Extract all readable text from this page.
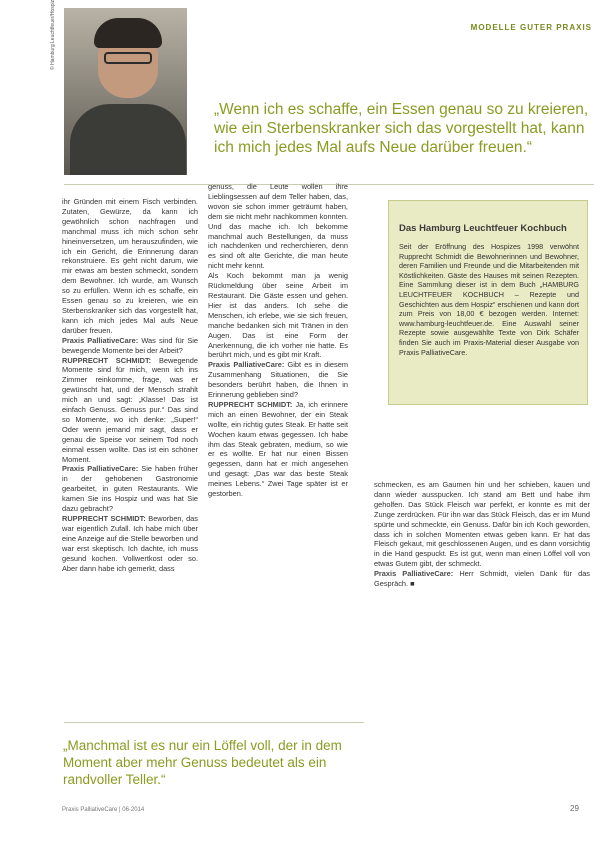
MODELLE GUTER PRAXIS
© Hamburg Leuchtfeuer/Hospiz
„Wenn ich es schaffe, ein Essen genau so zu kreieren, wie ein Sterbenskranker sich das vorgestellt hat, kann ich mich jedes Mal aufs Neue darüber freuen.“

ihr Gründen mit einem Fisch verbinden. Zutaten, Gewürze, da kann ich gewöhnlich schon nachfragen und manchmal muss ich mich schon sehr hineinversetzen, um herauszufinden, wie ich ein Gericht, die Erinnerung daran rekonstruiere. Es geht nicht darum, wie mir etwas am besten schmeckt, sondern dem Bewohner. Ich wurde, am Wunsch so zu erfüllen. Wenn ich es schaffe, ein Essen genau so zu kreieren, wie ein Sterbenskranker sich das vorgestellt hat, kann ich mich jedes Mal aufs Neue darüber freuen.

Praxis PalliativeCare: Was sind für Sie bewegende Momente bei der Arbeit?

RUPPRECHT SCHMIDT: Bewegende Momente sind für mich, wenn ich ins Zimmer reinkomme, frage, was er gewünscht hat, und der Mensch strahlt mich an und sagt: „Klasse! Das ist einfach Genuss. Genuss pur.“ Das sind so Momente, wo ich denke: „Super!“ Oder wenn jemand mir sagt, dass er genau die Speise vor seinem Tod noch einmal essen wollte. Das ist ein schöner Moment.

Praxis PalliativeCare: Sie haben früher in der gehobenen Gastronomie gearbeitet, in guten Restaurants. Wie kamen Sie ins Hospiz und was hat Sie dazu gebracht?

RUPPRECHT SCHMIDT: Beworben, das war eigentlich Zufall. Ich habe mich über eine Anzeige auf die Stelle beworben und war erst skeptisch. Ich dachte, ich muss gesund kochen. Vollwertkost oder so. Aber dann habe ich gemerkt, dass

genuss, die Leute wollen ihre Lieblingsessen auf dem Teller haben, das, wovon sie schon immer geträumt haben, dem sie nicht mehr nachkommen konnten. Und das mache ich. Ich bekomme manchmal auch Bestellungen, da muss ich nachdenken und recherchieren, denn es sind oft alte Gerichte, die man heute nicht mehr kennt.

Als Koch bekommt man ja wenig Rückmeldung über seine Arbeit im Restaurant. Die Gäste essen und gehen. Hier ist das anders. Ich sehe die Menschen, ich erlebe, wie sie sich freuen, manche bedanken sich mit Tränen in den Augen. Das ist eine Form der Anerkennung, die ich vorher nie hatte. Es berührt mich, und es gibt mir Kraft.

Praxis PalliativeCare: Gibt es in diesem Zusammenhang Situationen, die Sie besonders berührt haben, die Ihnen in Erinnerung geblieben sind?

RUPPRECHT SCHMIDT: Ja, ich erinnere mich an einen Bewohner, der ein Steak wollte, ein richtig gutes Steak. Er hatte seit Wochen kaum etwas gegessen. Ich habe ihm das Steak gebraten, medium, so wie er es wollte. Er hat nur einen Bissen gegessen, dann hat er mich angesehen und gesagt: „Das war das beste Steak meines Lebens.“ Zwei Tage später ist er gestorben.

Das Hamburg Leuchtfeuer Kochbuch
Seit der Eröffnung des Hospizes 1998 verwöhnt Rupprecht Schmidt die Bewohnerinnen und Bewohner, deren Familien und Freunde und die Mitarbeitenden mit Köstlichkeiten. Gäste des Hauses mit seinen Rezepten. Eine Sammlung dieser ist in dem Buch „HAMBURG LEUCHTFEUER KOCHBUCH – Rezepte und Geschichten aus dem Hospiz“ erschienen und kann dort zum Preis von 18,00 € bezogen werden. Internet: www.hamburg-leuchtfeuer.de. Eine Auswahl seiner Rezepte sowie ausgewählte Texte von Dirk Schäfer finden Sie auch im Praxis-Material dieser Ausgabe von Praxis PalliativeCare.

schmecken, es am Gaumen hin und her schieben, kauen und dann wieder ausspucken. Ich stand am Bett und habe ihm geholfen. Das Stück Fleisch war perfekt, er konnte es mit der Zunge zerdrücken. Für ihn war das Stück Fleisch, das er im Mund spürte und schmeckte, ein Genuss. Dafür bin ich Koch geworden, dass ich in solchen Momenten etwas geben kann. Er hat das Fleisch gekaut, mit geschlossenen Augen, und es dann vorsichtig in die Hand gespuckt. Es ist gut, wenn man einen Löffel voll von etwas Gutem gibt, der schmeckt.

Praxis PalliativeCare: Herr Schmidt, vielen Dank für das Gespräch. ■

„Manchmal ist es nur ein Löffel voll, der in dem Moment aber mehr Genuss bedeutet als ein randvoller Teller.“
Praxis PalliativeCare | 06·2014	29
